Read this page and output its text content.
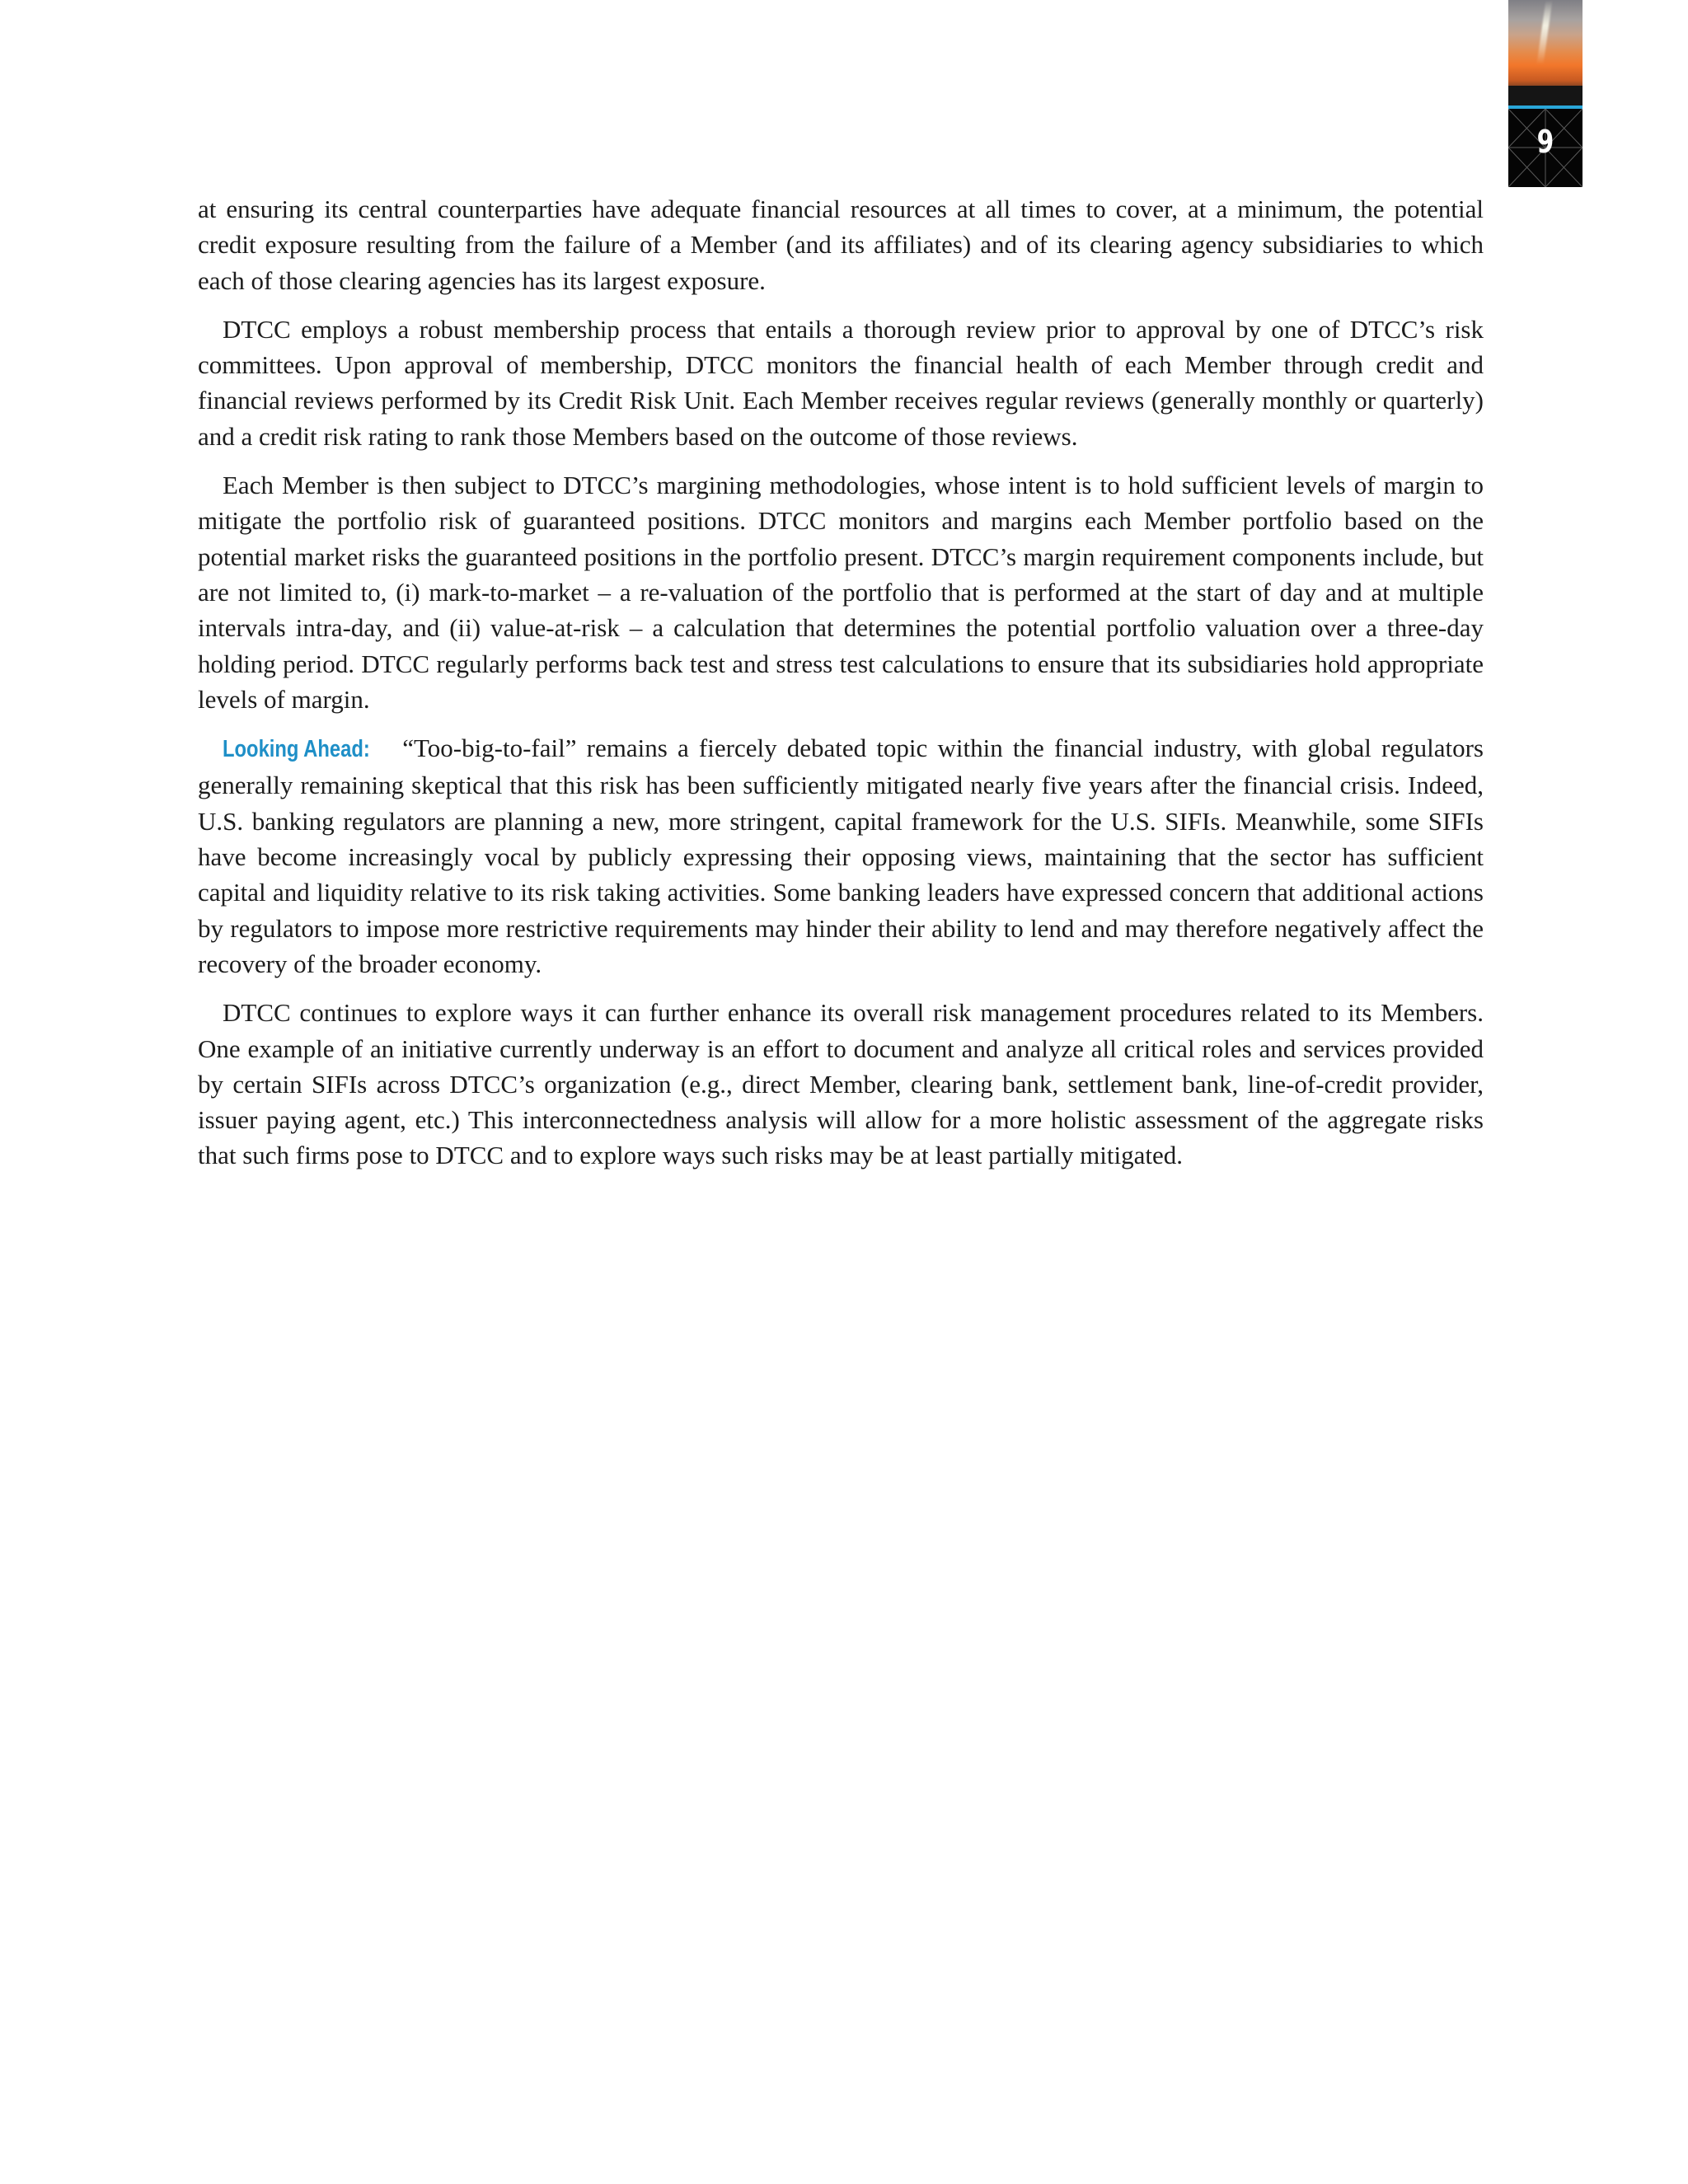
9

at ensuring its central counterparties have adequate financial resources at all times to cover, at a minimum, the potential credit exposure resulting from the failure of a Member (and its affiliates) and of its clearing agency subsidiaries to which each of those clearing agencies has its largest exposure.

DTCC employs a robust membership process that entails a thorough review prior to approval by one of DTCC’s risk committees. Upon approval of membership, DTCC monitors the financial health of each Member through credit and financial reviews performed by its Credit Risk Unit. Each Member receives regular reviews (generally monthly or quarterly) and a credit risk rating to rank those Members based on the outcome of those reviews.

Each Member is then subject to DTCC’s margining methodologies, whose intent is to hold sufficient levels of margin to mitigate the portfolio risk of guaranteed positions. DTCC monitors and margins each Member portfolio based on the potential market risks the guaranteed positions in the portfolio present. DTCC’s margin requirement components include, but are not limited to, (i) mark-to-market – a re-valuation of the portfolio that is performed at the start of day and at multiple intervals intra-day, and (ii) value-at-risk – a calculation that determines the potential portfolio valuation over a three-day holding period. DTCC regularly performs back test and stress test calculations to ensure that its subsidiaries hold appropriate levels of margin.

Looking Ahead: “Too-big-to-fail” remains a fiercely debated topic within the financial industry, with global regulators generally remaining skeptical that this risk has been sufficiently mitigated nearly five years after the financial crisis. Indeed, U.S. banking regulators are planning a new, more stringent, capital framework for the U.S. SIFIs. Meanwhile, some SIFIs have become increasingly vocal by publicly expressing their opposing views, maintaining that the sector has sufficient capital and liquidity relative to its risk taking activities. Some banking leaders have expressed concern that additional actions by regulators to impose more restrictive requirements may hinder their ability to lend and may therefore negatively affect the recovery of the broader economy.

DTCC continues to explore ways it can further enhance its overall risk management procedures related to its Members. One example of an initiative currently underway is an effort to document and analyze all critical roles and services provided by certain SIFIs across DTCC’s organization (e.g., direct Member, clearing bank, settlement bank, line-of-credit provider, issuer paying agent, etc.) This interconnectedness analysis will allow for a more holistic assessment of the aggregate risks that such firms pose to DTCC and to explore ways such risks may be at least partially mitigated.
